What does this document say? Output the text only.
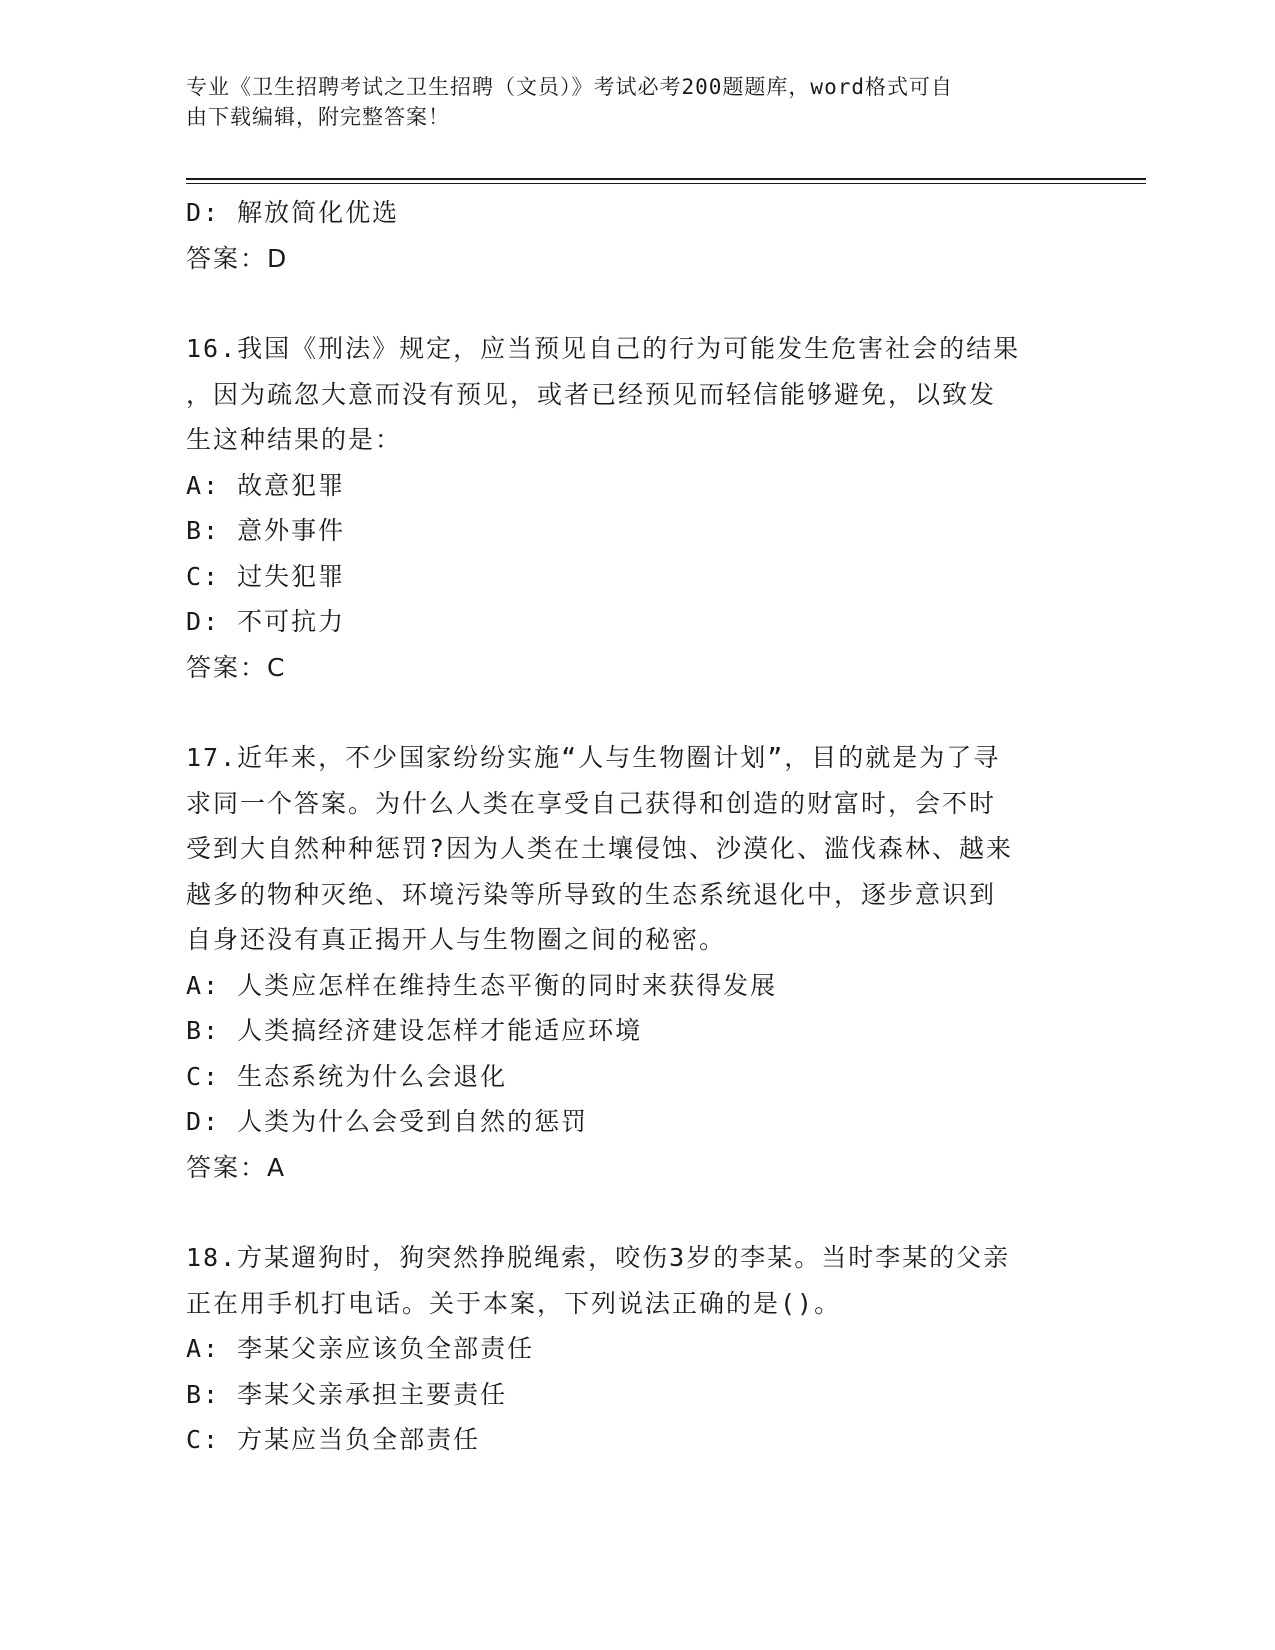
专业《卫生招聘考试之卫生招聘（文员）》考试必考200题题库，word格式可自
由下载编辑，附完整答案！
D: 解放简化优选
答案：D
16.我国《刑法》规定，应当预见自己的行为可能发生危害社会的结果
，因为疏忽大意而没有预见，或者已经预见而轻信能够避免，以致发
生这种结果的是：
A: 故意犯罪
B: 意外事件
C: 过失犯罪
D: 不可抗力
答案：C
17.近年来，不少国家纷纷实施“人与生物圈计划”，目的就是为了寻
求同一个答案。为什么人类在享受自己获得和创造的财富时，会不时
受到大自然种种惩罚?因为人类在土壤侵蚀、沙漠化、滥伐森林、越来
越多的物种灭绝、环境污染等所导致的生态系统退化中，逐步意识到
自身还没有真正揭开人与生物圈之间的秘密。
A: 人类应怎样在维持生态平衡的同时来获得发展
B: 人类搞经济建设怎样才能适应环境
C: 生态系统为什么会退化
D: 人类为什么会受到自然的惩罚
答案：A
18.方某遛狗时，狗突然挣脱绳索，咬伤3岁的李某。当时李某的父亲
正在用手机打电话。关于本案，下列说法正确的是()。
A: 李某父亲应该负全部责任
B: 李某父亲承担主要责任
C: 方某应当负全部责任
